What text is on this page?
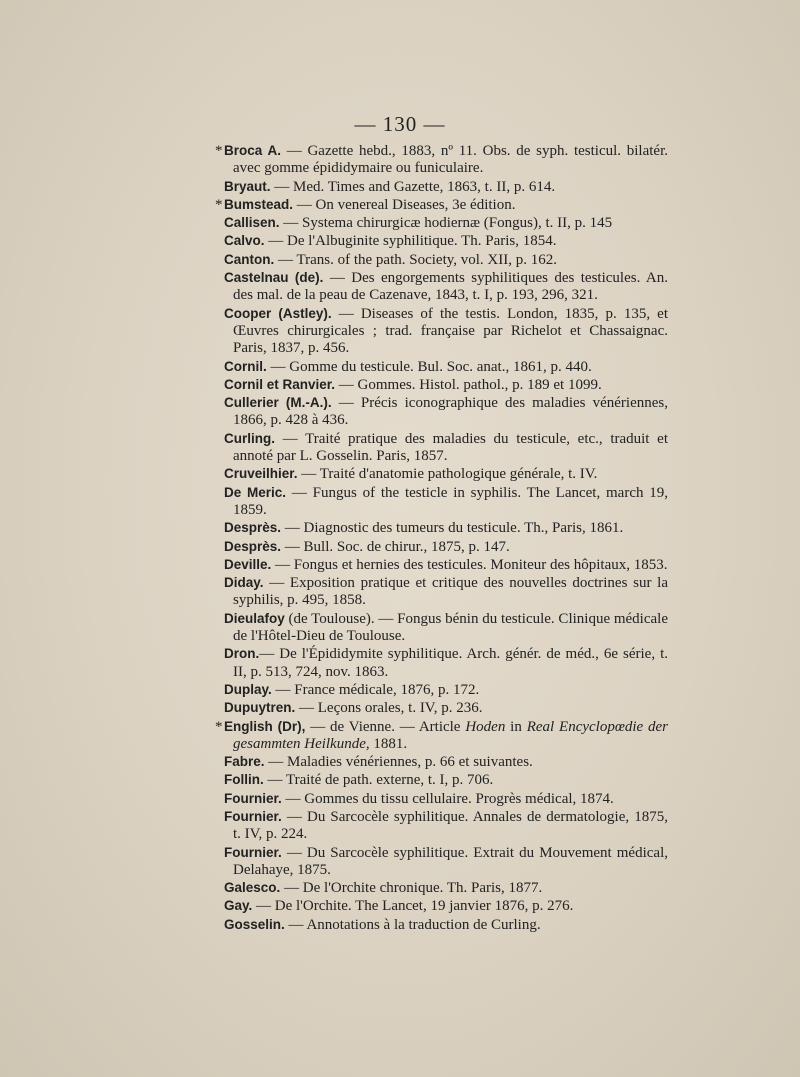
— 130 —
* Broca A. — Gazette hebd., 1883, nº 11. Obs. de syph. testicul. bilatér. avec gomme épididymaire ou funiculaire.
Bryaut. — Med. Times and Gazette, 1863, t. II, p. 614.
* Bumstead. — On venereal Diseases, 3e édition.
Callisen. — Systema chirurgicæ hodiernæ (Fongus), t. II, p. 145
Calvo. — De l'Albuginite syphilitique. Th. Paris, 1854.
Canton. — Trans. of the path. Society, vol. XII, p. 162.
Castelnau (de). — Des engorgements syphilitiques des testicules. An. des mal. de la peau de Cazenave, 1843, t. I, p. 193, 296, 321.
Cooper (Astley). — Diseases of the testis. London, 1835, p. 135, et Œuvres chirurgicales ; trad. française par Richelot et Chassaignac. Paris, 1837, p. 456.
Cornil. — Gomme du testicule. Bul. Soc. anat., 1861, p. 440.
Cornil et Ranvier. — Gommes. Histol. pathol., p. 189 et 1099.
Cullerier (M.-A.). — Précis iconographique des maladies vénériennes, 1866, p. 428 à 436.
Curling. — Traité pratique des maladies du testicule, etc., traduit et annoté par L. Gosselin. Paris, 1857.
Cruveilhier. — Traité d'anatomie pathologique générale, t. IV.
De Meric. — Fungus of the testicle in syphilis. The Lancet, march 19, 1859.
Desprès. — Diagnostic des tumeurs du testicule. Th., Paris, 1861.
Desprès. — Bull. Soc. de chirur., 1875, p. 147.
Deville. — Fongus et hernies des testicules. Moniteur des hôpitaux, 1853.
Diday. — Exposition pratique et critique des nouvelles doctrines sur la syphilis, p. 495, 1858.
Dieulafoy (de Toulouse). — Fongus bénin du testicule. Clinique médicale de l'Hôtel-Dieu de Toulouse.
Dron.— De l'Épididymite syphilitique. Arch. génér. de méd., 6e série, t. II, p. 513, 724, nov. 1863.
Duplay. — France médicale, 1876, p. 172.
Dupuytren. — Leçons orales, t. IV, p. 236.
* English (Dr), — de Vienne. — Article Hoden in Real Encyclopœdie der gesammten Heilkunde, 1881.
Fabre. — Maladies vénériennes, p. 66 et suivantes.
Follin. — Traité de path. externe, t. I, p. 706.
Fournier. — Gommes du tissu cellulaire. Progrès médical, 1874.
Fournier. — Du Sarcocèle syphilitique. Annales de dermatologie, 1875, t. IV, p. 224.
Fournier. — Du Sarcocèle syphilitique. Extrait du Mouvement médical, Delahaye, 1875.
Galesco. — De l'Orchite chronique. Th. Paris, 1877.
Gay. — De l'Orchite. The Lancet, 19 janvier 1876, p. 276.
Gosselin. — Annotations à la traduction de Curling.
